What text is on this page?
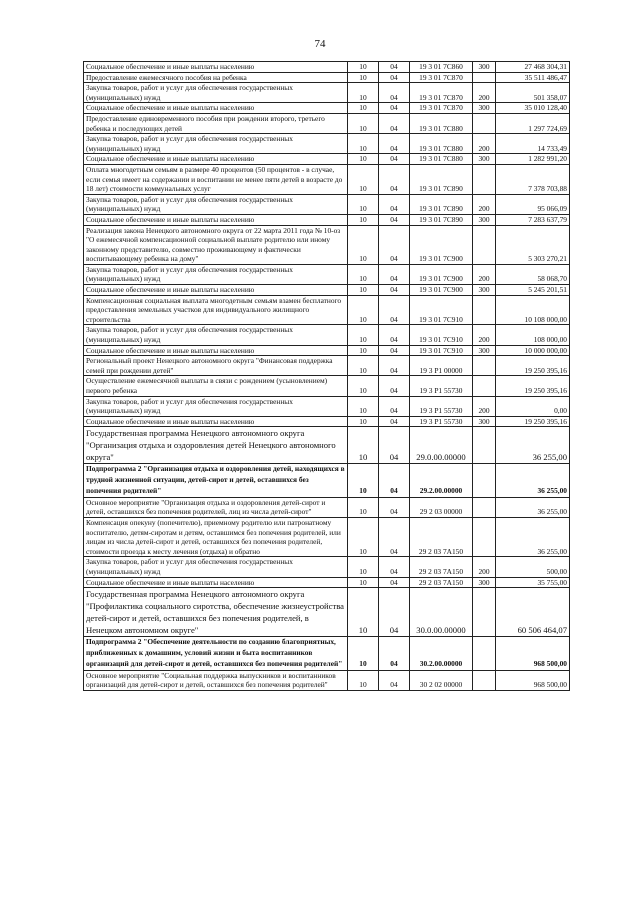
74
Социальное обеспечение и иные выплаты населению	10	04	19 3 01 7С860	300	27 468 304,31
Предоставление ежемесячного пособия на ребенка	10	04	19 3 01 7С870		35 511 486,47
Закупка товаров, работ и услуг для обеспечения государственных (муниципальных) нужд	10	04	19 3 01 7С870	200	501 358,07
Социальное обеспечение и иные выплаты населению	10	04	19 3 01 7С870	300	35 010 128,40
Предоставление единовременного пособия при рождении второго, третьего ребенка и последующих детей	10	04	19 3 01 7С880		1 297 724,69
Закупка товаров, работ и услуг для обеспечения государственных (муниципальных) нужд	10	04	19 3 01 7С880	200	14 733,49
Социальное обеспечение и иные выплаты населению	10	04	19 3 01 7С880	300	1 282 991,20
Оплата многодетным семьям в размере 40 процентов (50 процентов - в случае, если семья имеет на содержании и воспитании не менее пяти детей в возрасте до 18 лет) стоимости коммунальных услуг	10	04	19 3 01 7С890		7 378 703,88
Закупка товаров, работ и услуг для обеспечения государственных (муниципальных) нужд	10	04	19 3 01 7С890	200	95 066,09
Социальное обеспечение и иные выплаты населению	10	04	19 3 01 7С890	300	7 283 637,79
Реализация закона Ненецкого автономного округа от 22 марта 2011 года № 10-оз "О ежемесячной компенсационной социальной выплате родителю или иному законному представителю, совместно проживающему и фактически воспитывающему ребенка на дому"	10	04	19 3 01 7С900		5 303 270,21
Закупка товаров, работ и услуг для обеспечения государственных (муниципальных) нужд	10	04	19 3 01 7С900	200	58 068,70
Социальное обеспечение и иные выплаты населению	10	04	19 3 01 7С900	300	5 245 201,51
Компенсационная социальная выплата многодетным семьям взамен бесплатного предоставления земельных участков для индивидуального жилищного строительства	10	04	19 3 01 7С910		10 108 000,00
Закупка товаров, работ и услуг для обеспечения государственных (муниципальных) нужд	10	04	19 3 01 7С910	200	108 000,00
Социальное обеспечение и иные выплаты населению	10	04	19 3 01 7С910	300	10 000 000,00
Региональный проект Ненецкого автономного округа "Финансовая поддержка семей при рождении детей"	10	04	19 3 P1 00000		19 250 395,16
Осуществление ежемесячной выплаты в связи с рождением (усыновлением) первого ребенка	10	04	19 3 P1 55730		19 250 395,16
Закупка товаров, работ и услуг для обеспечения государственных (муниципальных) нужд	10	04	19 3 P1 55730	200	0,00
Социальное обеспечение и иные выплаты населению	10	04	19 3 P1 55730	300	19 250 395,16
Государственная программа Ненецкого автономного округа "Организация отдыха и оздоровления детей Ненецкого автономного округа"	10	04	29.0.00.00000		36 255,00
Подпрограмма 2 "Организация отдыха и оздоровления детей, находящихся в трудной жизненной ситуации, детей-сирот и детей, оставшихся без попечения родителей"	10	04	29.2.00.00000		36 255,00
Основное мероприятие "Организация отдыха и оздоровления детей-сирот и детей, оставшихся без попечения родителей, лиц из числа детей-сирот"	10	04	29 2 03 00000		36 255,00
Компенсация опекуну (попечителю), приемному родителю или патронатному воспитателю, детям-сиротам и детям, оставшимся без попечения родителей, или лицам из числа детей-сирот и детей, оставшихся без попечения родителей, стоимости проезда к месту лечения (отдыха) и обратно	10	04	29 2 03 7А150		36 255,00
Закупка товаров, работ и услуг для обеспечения государственных (муниципальных) нужд	10	04	29 2 03 7А150	200	500,00
Социальное обеспечение и иные выплаты населению	10	04	29 2 03 7А150	300	35 755,00
Государственная программа Ненецкого автономного округа "Профилактика социального сиротства, обеспечение жизнеустройства детей-сирот и детей, оставшихся без попечения родителей, в Ненецком автономном округе"	10	04	30.0.00.00000		60 506 464,07
Подпрограмма 2 "Обеспечение деятельности по созданию благоприятных, приближенных к домашним, условий жизни и быта воспитанников организаций для детей-сирот и детей, оставшихся без попечения родителей"	10	04	30.2.00.00000		968 500,00
Основное мероприятие "Социальная поддержка выпускников и воспитанников организаций для детей-сирот и детей, оставшихся без попечения родителей"	10	04	30 2 02 00000		968 500,00
